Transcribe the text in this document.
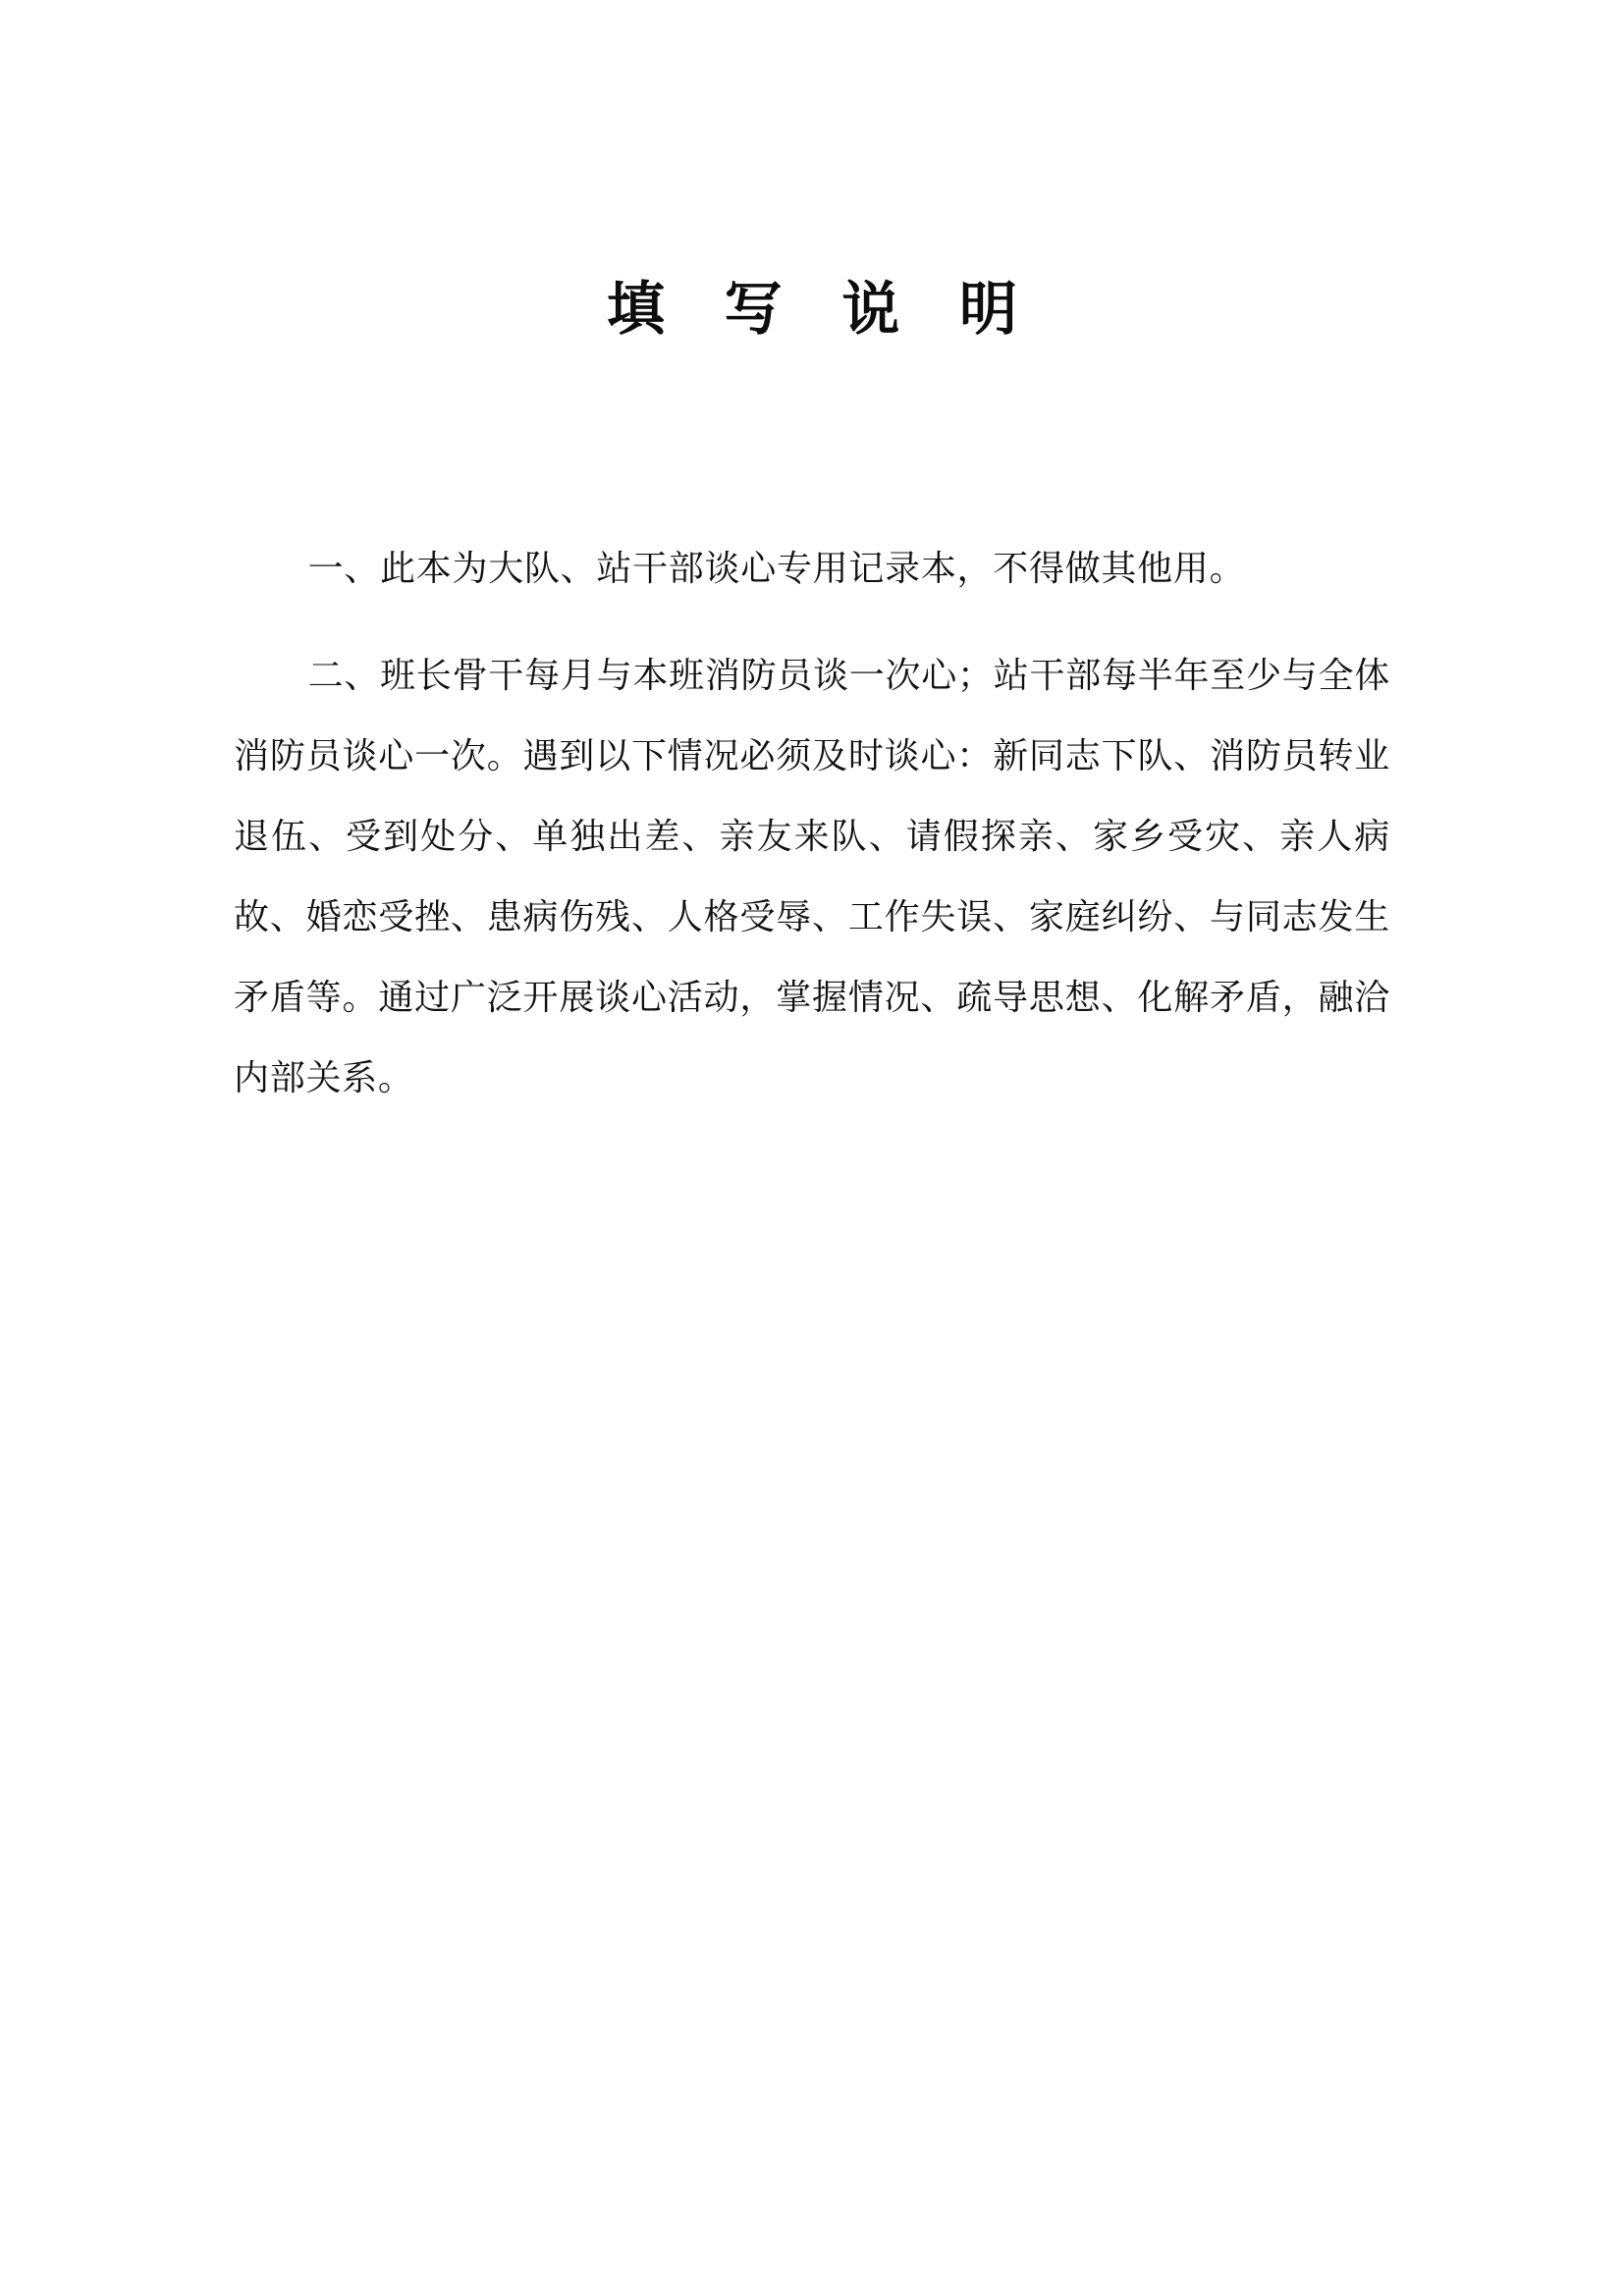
填 写 说 明

一、此本为大队、站干部谈心专用记录本，不得做其他用。

二、班长骨干每月与本班消防员谈一次心；站干部每半年至少与全体消防员谈心一次。遇到以下情况必须及时谈心：新同志下队、消防员转业退伍、受到处分、单独出差、亲友来队、请假探亲、家乡受灾、亲人病故、婚恋受挫、患病伤残、人格受辱、工作失误、家庭纠纷、与同志发生矛盾等。通过广泛开展谈心活动，掌握情况、疏导思想、化解矛盾，融洽内部关系。
